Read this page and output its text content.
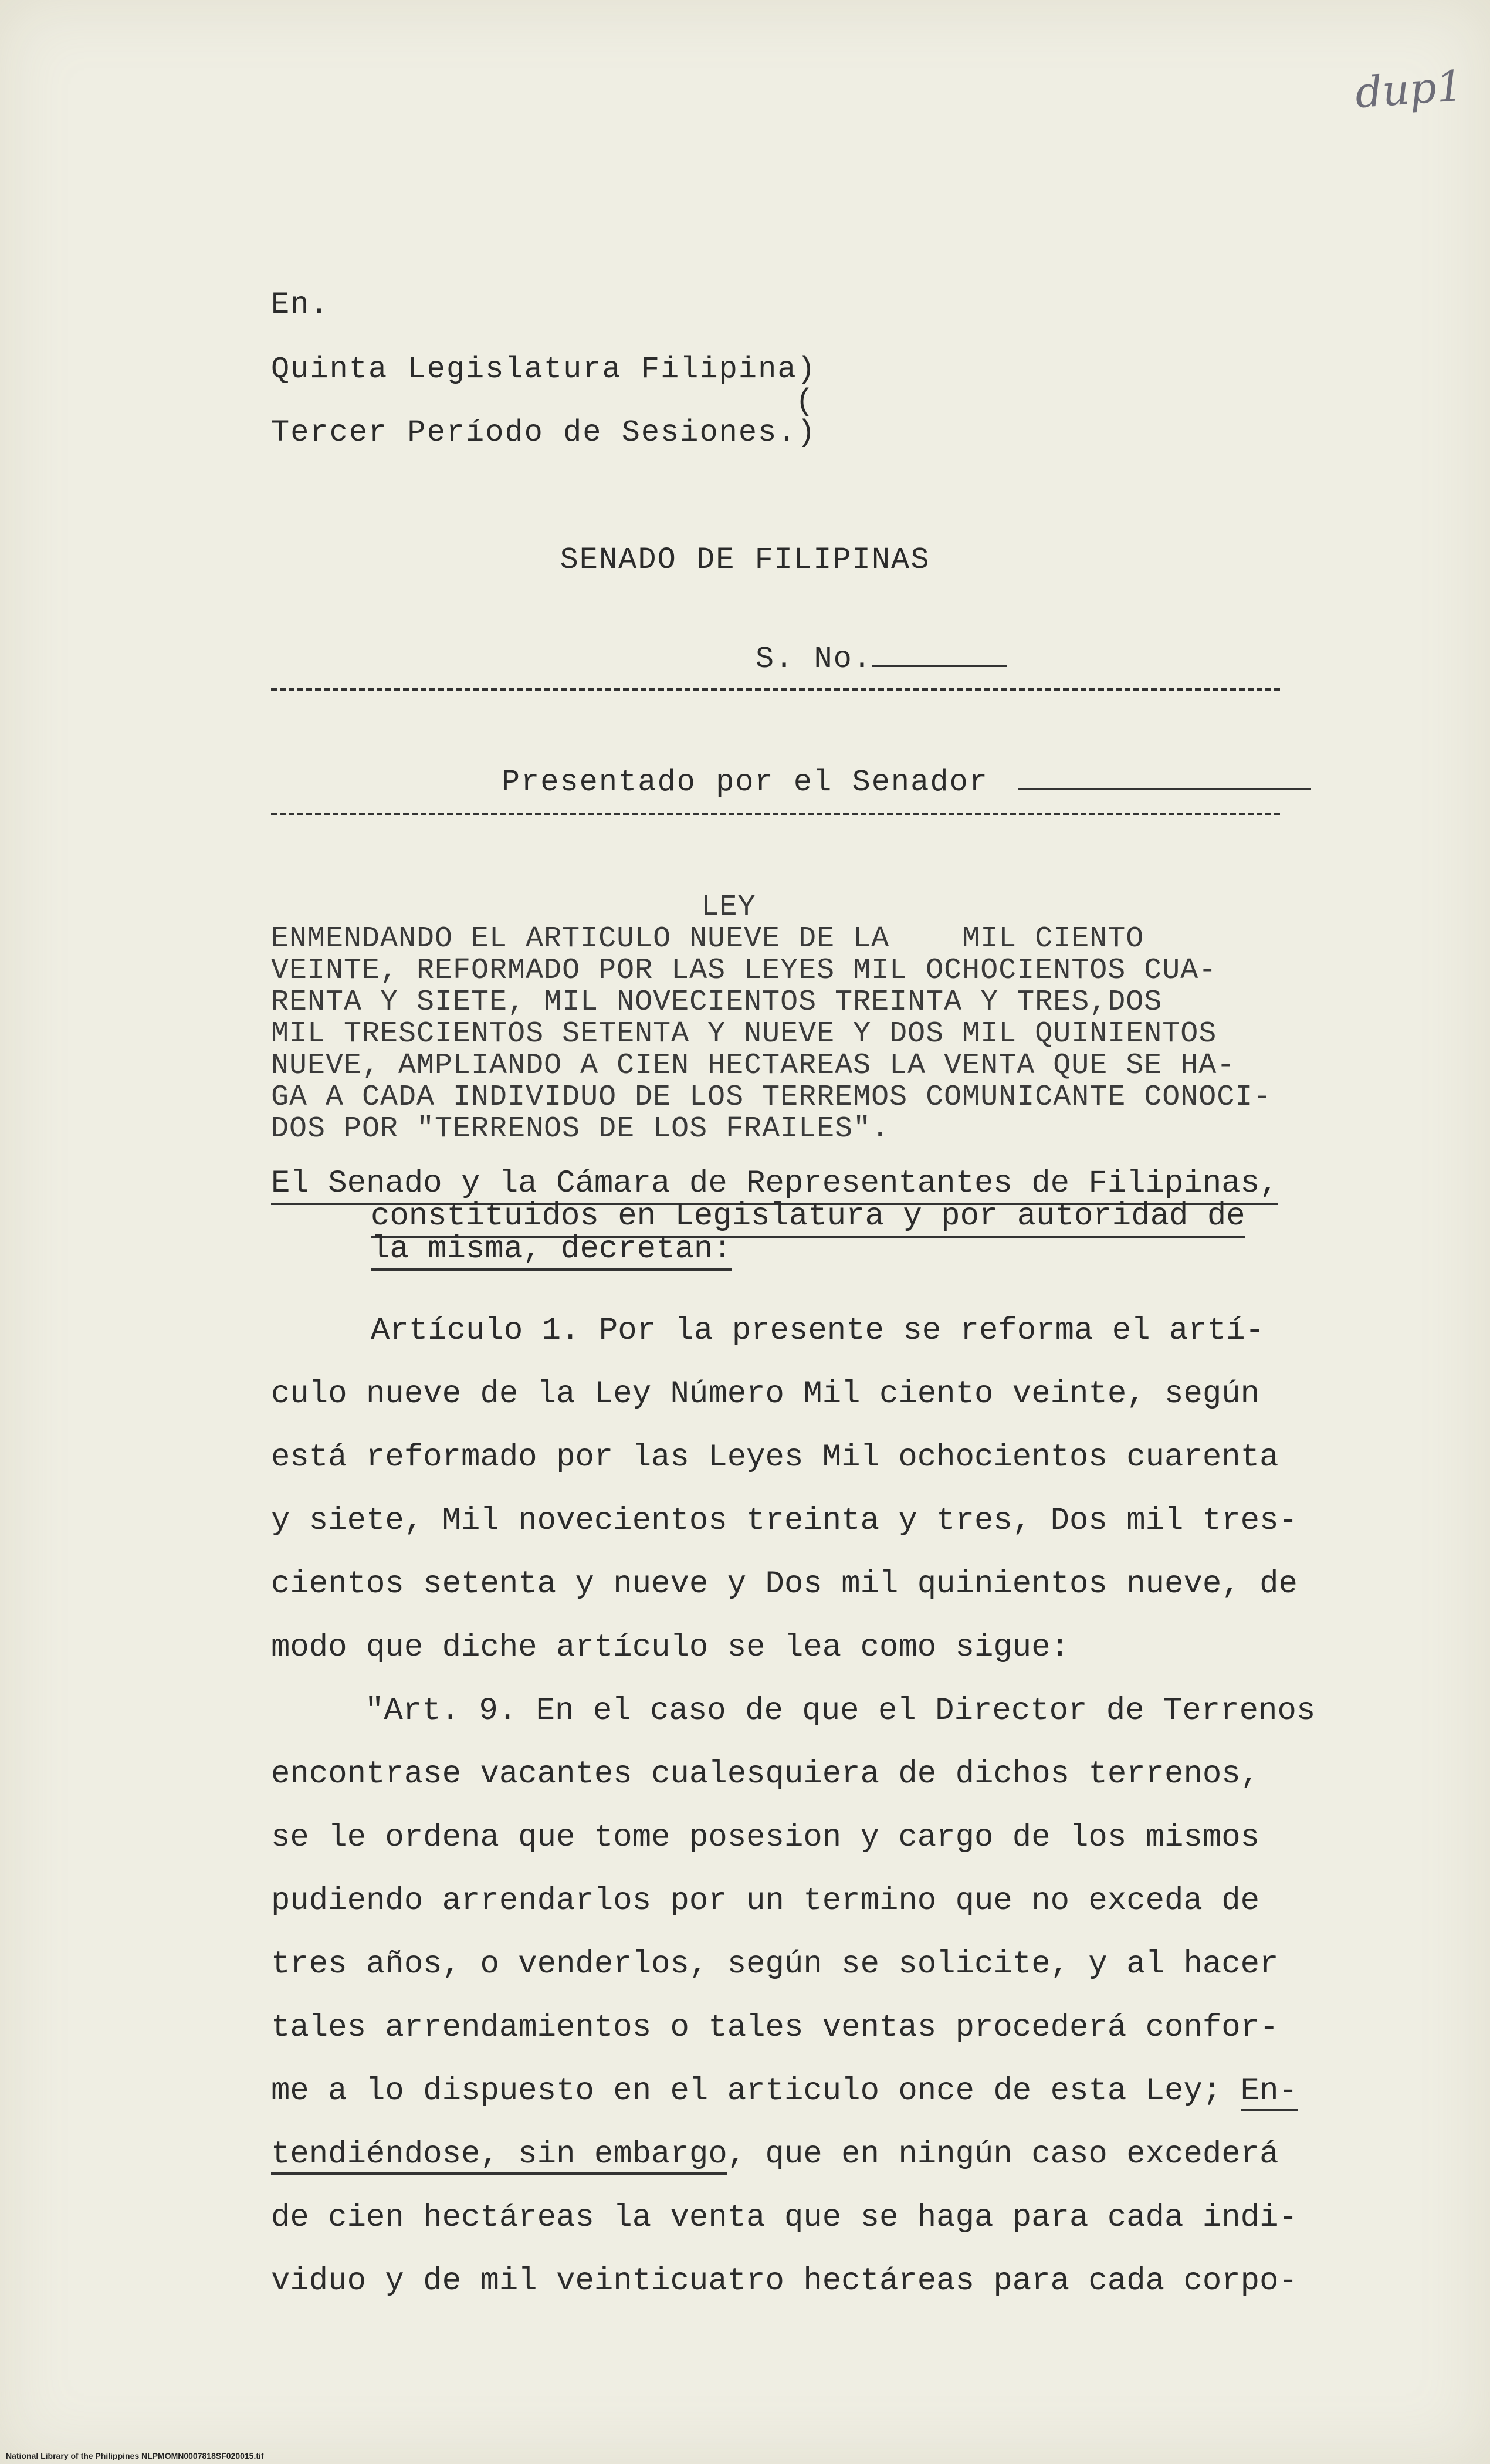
dup1
En.
Quinta Legislatura Filipina)
(
Tercer Período de Sesiones.)
SENADO DE FILIPINAS

S. No.

Presentado por el Senador

LEY
ENMENDANDO EL ARTICULO NUEVE DE LA    MIL CIENTO
VEINTE, REFORMADO POR LAS LEYES MIL OCHOCIENTOS CUA-
RENTA Y SIETE, MIL NOVECIENTOS TREINTA Y TRES,DOS
MIL TRESCIENTOS SETENTA Y NUEVE Y DOS MIL QUINIENTOS
NUEVE, AMPLIANDO A CIEN HECTAREAS LA VENTA QUE SE HA-
GA A CADA INDIVIDUO DE LOS TERREMOS COMUNICANTE CONOCI-
DOS POR "TERRENOS DE LOS FRAILES".
El Senado y la Cámara de Representantes de Filipinas,
constituidos en Legislatura y por autoridad de
la misma, decretan:
Artículo 1. Por la presente se reforma el artí-
culo nueve de la Ley Número Mil ciento veinte, según
está reformado por las Leyes Mil ochocientos cuarenta
y siete, Mil novecientos treinta y tres, Dos mil tres-
cientos setenta y nueve y Dos mil quinientos nueve, de
modo que diche artículo se lea como sigue:
"Art. 9. En el caso de que el Director de Terrenos
encontrase vacantes cualesquiera de dichos terrenos,
se le ordena que tome posesion y cargo de los mismos
pudiendo arrendarlos por un termino que no exceda de
tres años, o venderlos, según se solicite, y al hacer
tales arrendamientos o tales ventas procederá confor-
me a lo dispuesto en el articulo once de esta Ley; En-
tendiéndose, sin embargo, que en ningún caso excederá
de cien hectáreas la venta que se haga para cada indi-
viduo y de mil veinticuatro hectáreas para cada corpo-
National Library of the Philippines NLPMOMN0007818SF020015.tif
